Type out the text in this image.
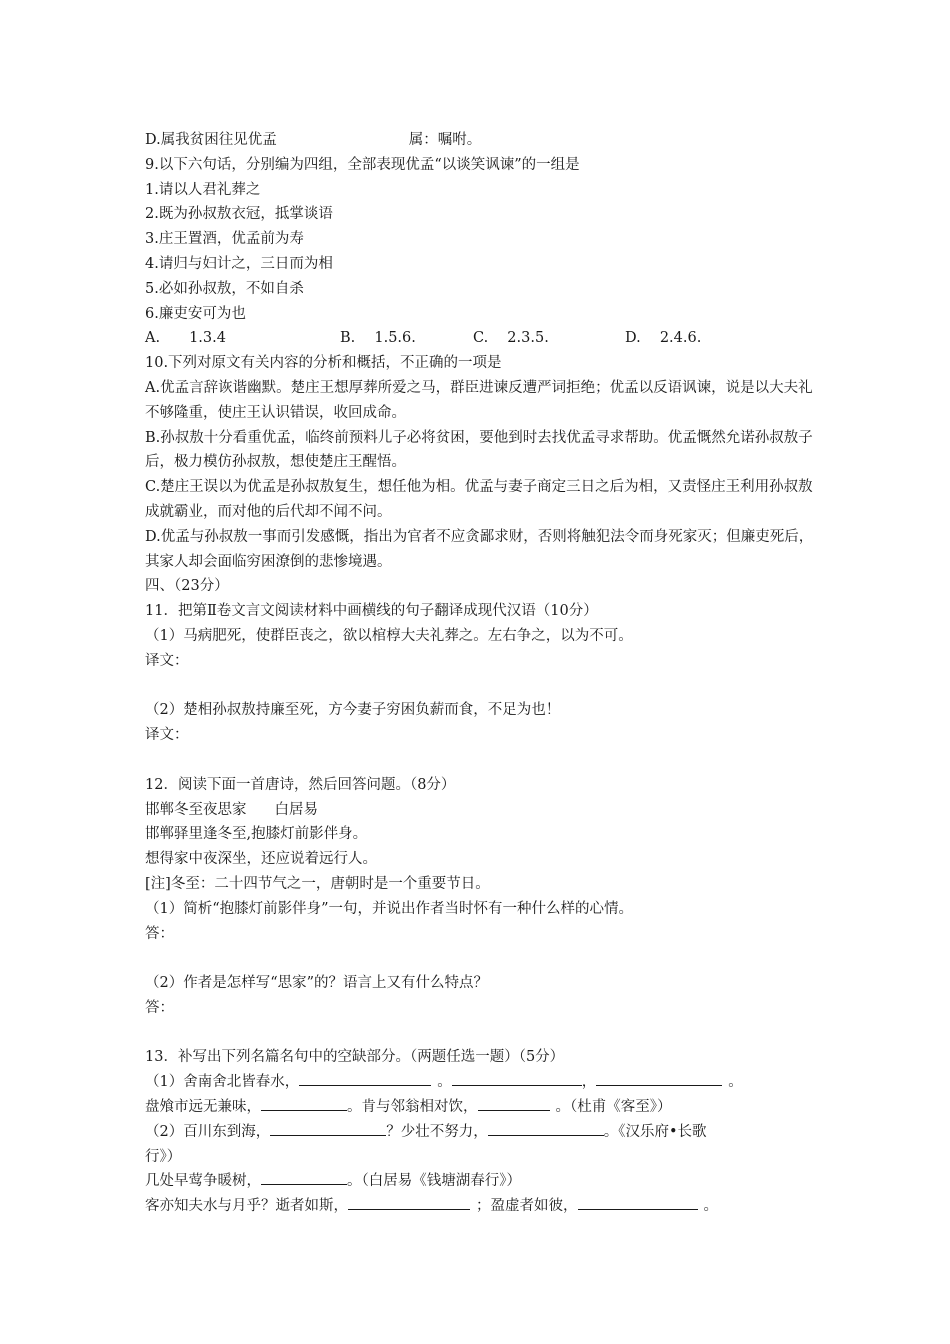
D.属我贫困往见优孟	属：嘱咐。
9.以下六句话，分别编为四组，全部表现优孟“以谈笑讽谏”的一组是
1.请以人君礼葬之
2.既为孙叔敖衣冠，抵掌谈语
3.庄王置酒，优孟前为寿
4.请归与妇计之，三日而为相
5.必如孙叔敖，不如自杀
6.廉吏安可为也
A.　　1.3.4	B.　 1.5.6.	C.　 2.3.5.	D.　 2.4.6.
10.下列对原文有关内容的分析和概括，不正确的一项是
A.优孟言辞诙谐幽默。楚庄王想厚葬所爱之马，群臣进谏反遭严词拒绝；优孟以反语讽谏，说是以大夫礼不够隆重，使庄王认识错误，收回成命。
B.孙叔敖十分看重优孟，临终前预料儿子必将贫困，要他到时去找优孟寻求帮助。优孟慨然允诺孙叔敖子后，极力模仿孙叔敖，想使楚庄王醒悟。
C.楚庄王误以为优孟是孙叔敖复生，想任他为相。优孟与妻子商定三日之后为相，又责怪庄王利用孙叔敖成就霸业，而对他的后代却不闻不问。
D.优孟与孙叔敖一事而引发感慨，指出为官者不应贪鄙求财，否则将触犯法令而身死家灭；但廉吏死后，其家人却会面临穷困潦倒的悲惨境遇。
四、（23分）
11．把第Ⅱ卷文言文阅读材料中画横线的句子翻译成现代汉语（10分）
（1）马病肥死，使群臣丧之，欲以棺椁大夫礼葬之。左右争之，以为不可。
译文：
（2）楚相孙叔敖持廉至死，方今妻子穷困负薪而食，不足为也！
译文：
12．阅读下面一首唐诗，然后回答问题。（8分）
邯郸冬至夜思家 白居易
邯郸驿里逢冬至,抱膝灯前影伴身。
想得家中夜深坐，还应说着远行人。
[注]冬至：二十四节气之一，唐朝时是一个重要节日。
（1）简析“抱膝灯前影伴身”一句，并说出作者当时怀有一种什么样的心情。
答：
（2）作者是怎样写“思家”的？语言上又有什么特点？
答：
13．补写出下列名篇名句中的空缺部分。（两题任选一题）（5分）
（1）舍南舍北皆春水，	。	，	。
盘飧市远无兼味，	。肯与邻翁相对饮，	。（杜甫《客至》）
（2）百川东到海，	？少壮不努力，	。《汉乐府•长歌
行》）
几处早莺争暖树，	。（白居易《钱塘湖春行》）
客亦知夫水与月乎？逝者如斯，	；盈虚者如彼，	。
